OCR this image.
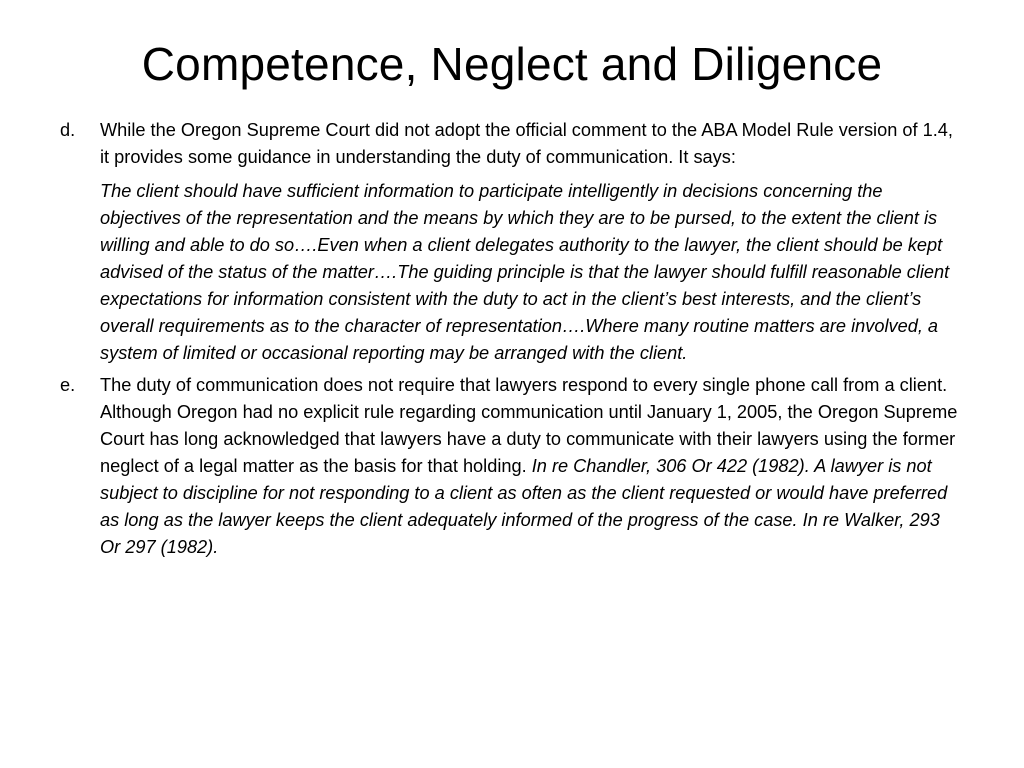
Competence, Neglect and Diligence
d.	While the Oregon Supreme Court did not adopt the official comment to the ABA Model Rule version of 1.4, it provides some guidance in understanding the duty of communication. It says:

The client should have sufficient information to participate intelligently in decisions concerning the objectives of the representation and the means by which they are to be pursed, to the extent the client is willing and able to do so….Even when a client delegates authority to the lawyer, the client should be kept advised of the status of the matter….The guiding principle is that the lawyer should fulfill reasonable client expectations for information consistent with the duty to act in the client’s best interests, and the client’s overall requirements as to the character of representation….Where many routine matters are involved, a system of limited or occasional reporting may be arranged with the client.

e.	The duty of communication does not require that lawyers respond to every single phone call from a client. Although Oregon had no explicit rule regarding communication until January 1, 2005, the Oregon Supreme Court has long acknowledged that lawyers have a duty to communicate with their lawyers using the former neglect of a legal matter as the basis for that holding. In re Chandler, 306 Or 422 (1982). A lawyer is not subject to discipline for not responding to a client as often as the client requested or would have preferred as long as the lawyer keeps the client adequately informed of the progress of the case. In re Walker, 293 Or 297 (1982).
